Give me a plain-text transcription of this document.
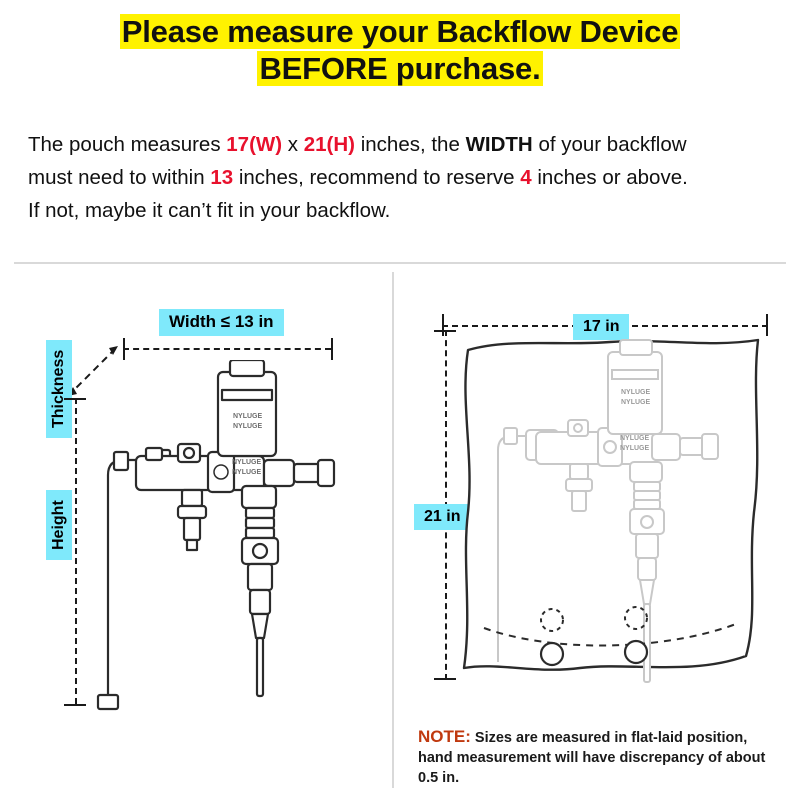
Please measure your Backflow Device
BEFORE purchase.
The pouch measures 17(W) x 21(H) inches, the WIDTH of your backflow
must need to within 13 inches, recommend to reserve 4 inches or above.
If not, maybe it can’t fit in your backflow.
Width ≤ 13 in
Thickness
Height
NYLUGE
NYLUGE
NYLUGE
NYLUGE
17 in
21 in
NYLUGE
NYLUGE
NYLUGE
NYLUGE
NOTE: Sizes are measured in flat-laid position,
hand measurement will have discrepancy of about 0.5 in.
